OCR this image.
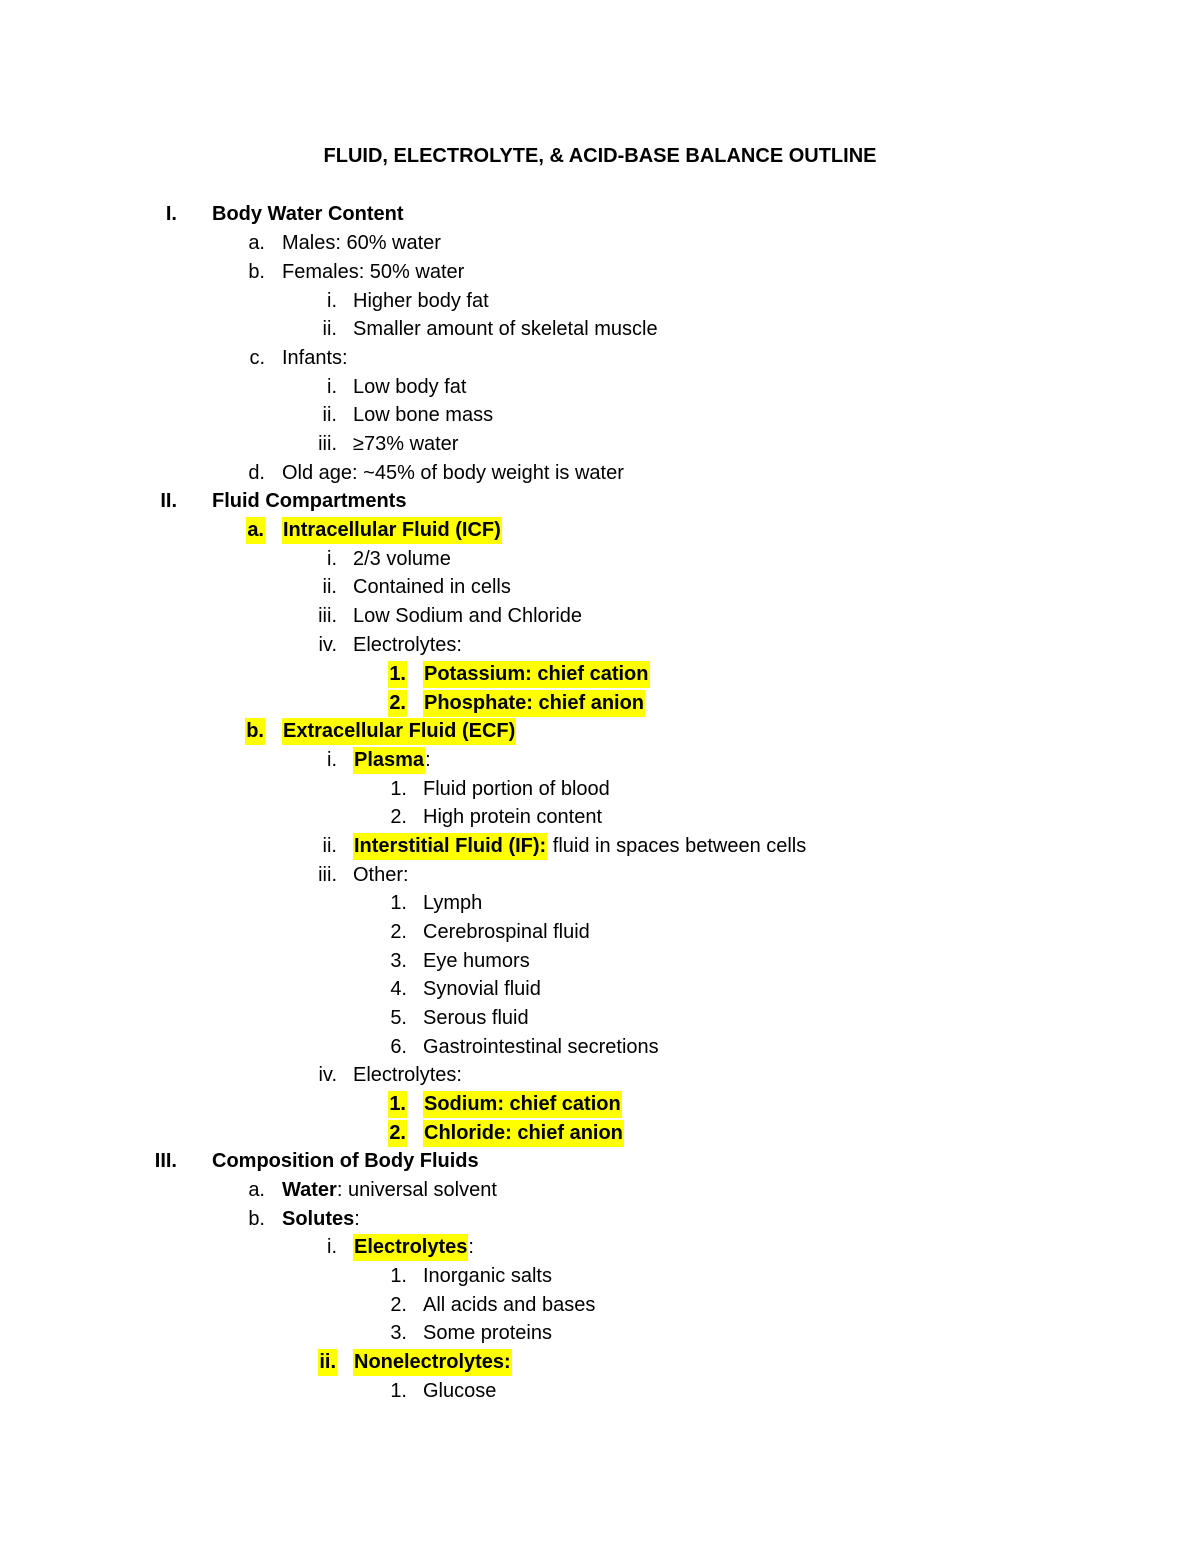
FLUID, ELECTROLYTE, & ACID-BASE BALANCE OUTLINE
I. Body Water Content
a. Males: 60% water
b. Females: 50% water
i. Higher body fat
ii. Smaller amount of skeletal muscle
c. Infants:
i. Low body fat
ii. Low bone mass
iii. ≥73% water
d. Old age: ~45% of body weight is water
II. Fluid Compartments
a. Intracellular Fluid (ICF)
i. 2/3 volume
ii. Contained in cells
iii. Low Sodium and Chloride
iv. Electrolytes:
1. Potassium: chief cation
2. Phosphate: chief anion
b. Extracellular Fluid (ECF)
i. Plasma:
1. Fluid portion of blood
2. High protein content
ii. Interstitial Fluid (IF): fluid in spaces between cells
iii. Other:
1. Lymph
2. Cerebrospinal fluid
3. Eye humors
4. Synovial fluid
5. Serous fluid
6. Gastrointestinal secretions
iv. Electrolytes:
1. Sodium: chief cation
2. Chloride: chief anion
III. Composition of Body Fluids
a. Water: universal solvent
b. Solutes:
i. Electrolytes:
1. Inorganic salts
2. All acids and bases
3. Some proteins
ii. Nonelectrolytes:
1. Glucose
